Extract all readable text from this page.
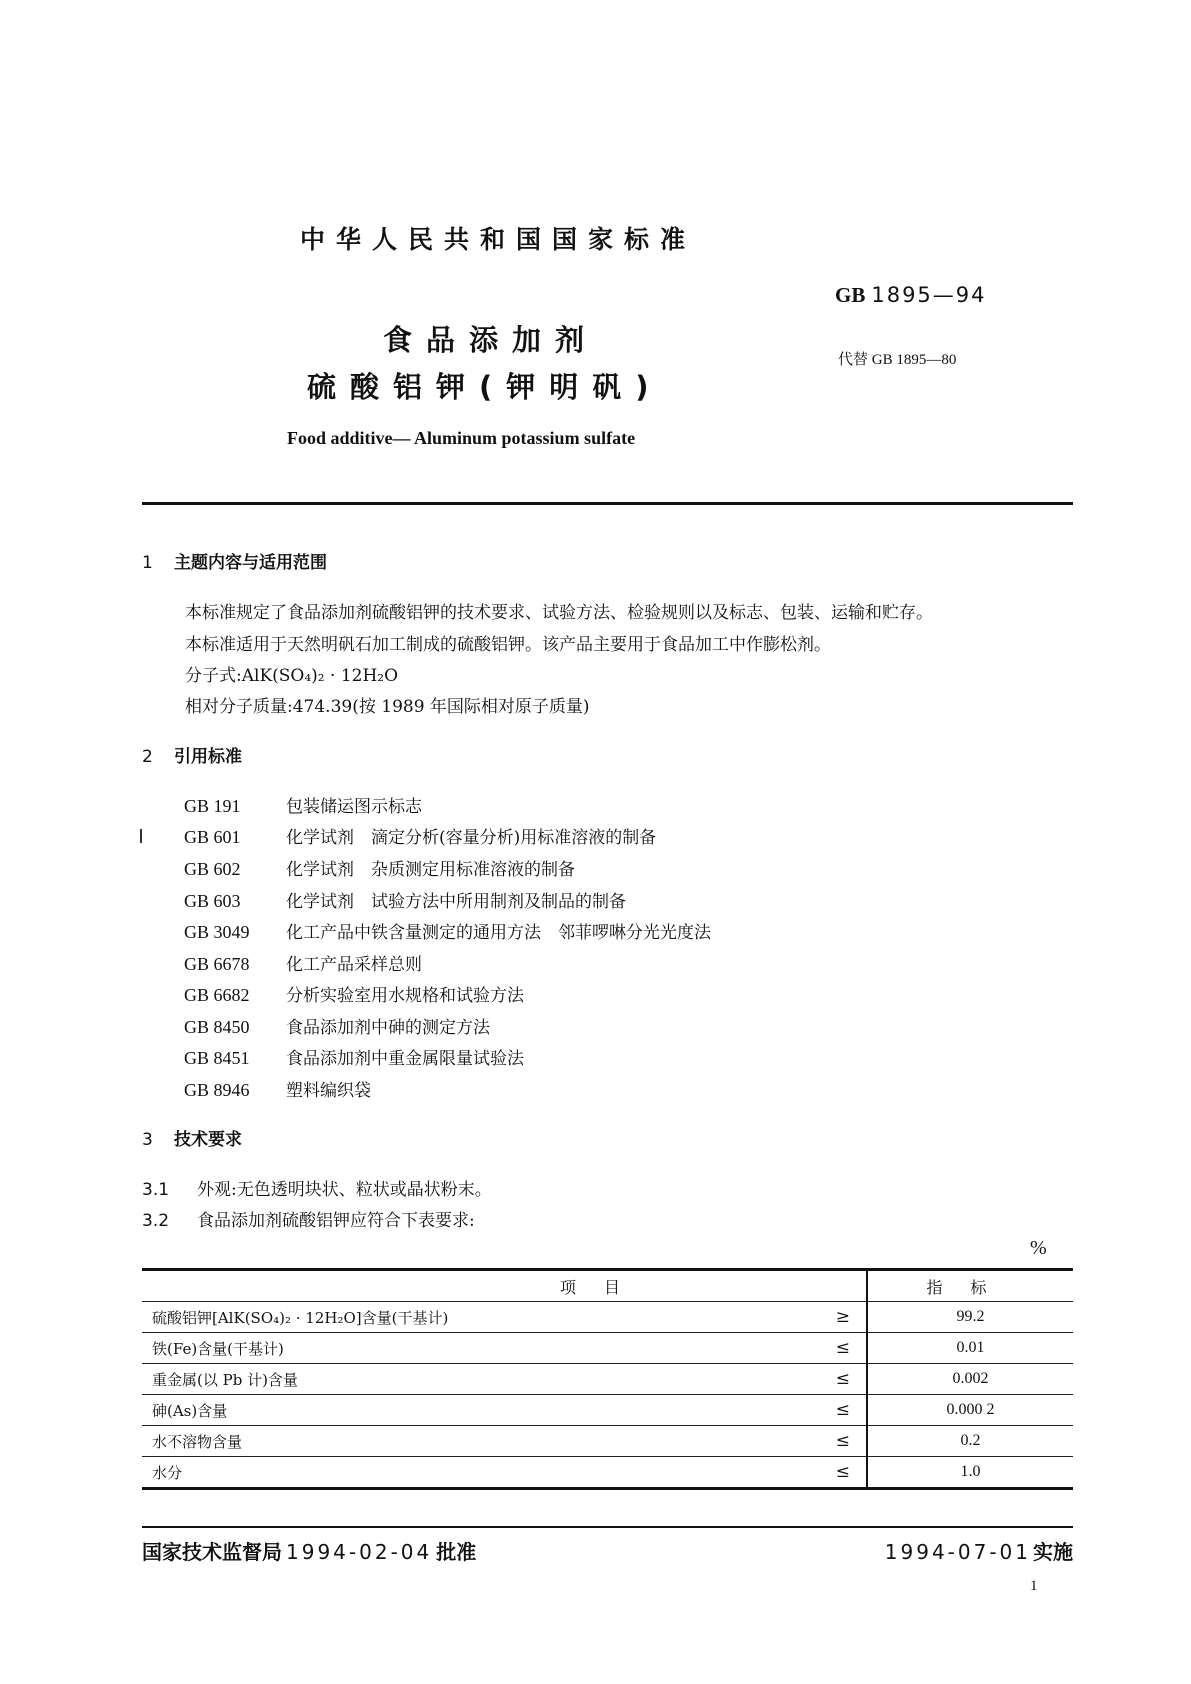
中华人民共和国国家标准
GB 1895—94
代替 GB 1895—80
食品添加剂
硫酸铝钾(钾明矾)
Food additive— Aluminum potassium sulfate
1 主题内容与适用范围
本标准规定了食品添加剂硫酸铝钾的技术要求、试验方法、检验规则以及标志、包装、运输和贮存。
本标准适用于天然明矾石加工制成的硫酸铝钾。该产品主要用于食品加工中作膨松剂。
分子式:AlK(SO₄)₂ · 12H₂O
相对分子质量:474.39(按 1989 年国际相对原子质量)
2 引用标准
GB 191	包装储运图示标志
GB 601	化学试剂　滴定分析(容量分析)用标准溶液的制备
GB 602	化学试剂　杂质测定用标准溶液的制备
GB 603	化学试剂　试验方法中所用制剂及制品的制备
GB 3049 化工产品中铁含量测定的通用方法　邻菲啰啉分光光度法
GB 6678 化工产品采样总则
GB 6682 分析实验室用水规格和试验方法
GB 8450 食品添加剂中砷的测定方法
GB 8451 食品添加剂中重金属限量试验法
GB 8946 塑料编织袋
3 技术要求
3.1 外观:无色透明块状、粒状或晶状粉末。
3.2 食品添加剂硫酸铝钾应符合下表要求:
%
项目		指标
硫酸铝钾[AlK(SO₄)₂ · 12H₂O]含量(干基计)	≥	99.2
铁(Fe)含量(干基计)	≤	0.01
重金属(以 Pb 计)含量	≤	0.002
砷(As)含量	≤	0.000 2
水不溶物含量	≤	0.2
水分	≤	1.0
国家技术监督局 1994-02-04 批准	1994-07-01 实施
1
